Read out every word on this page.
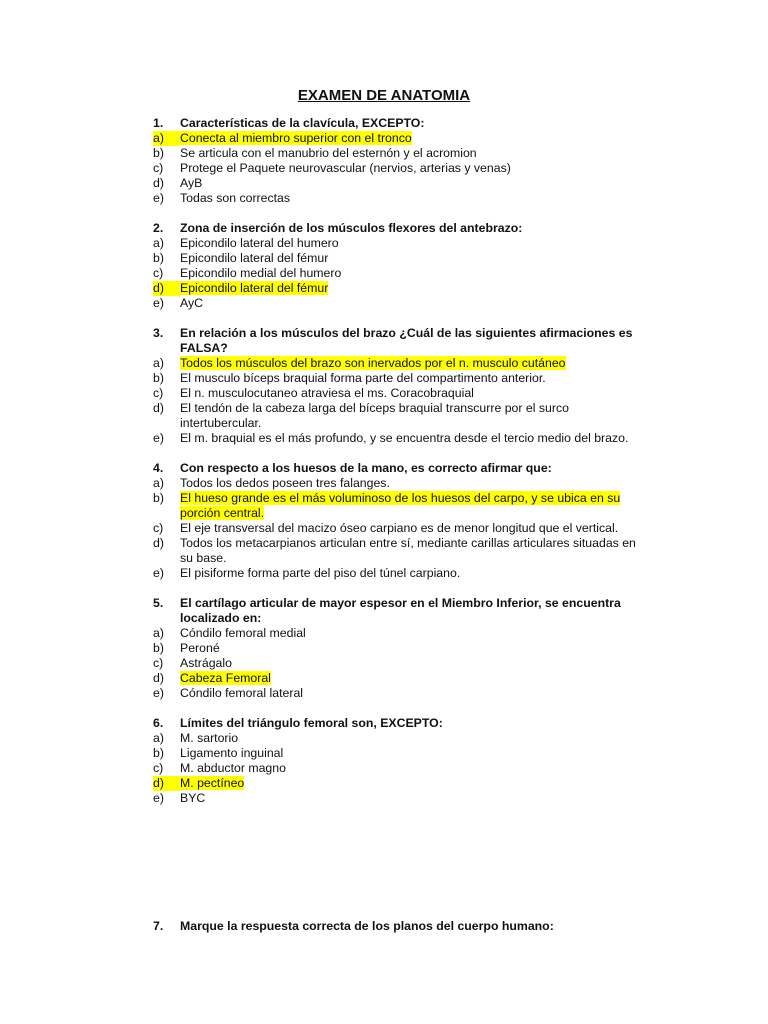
EXAMEN DE ANATOMIA
1.	Características de la clavícula, EXCEPTO:
a)	Conecta al miembro superior con el tronco
b)	Se articula con el manubrio del esternón y el acromion
c)	Protege el Paquete neurovascular (nervios, arterias y venas)
d)	AyB
e)	Todas son correctas
2.	Zona de inserción de los músculos flexores del antebrazo:
a)	Epicondilo lateral del humero
b)	Epicondilo lateral del fémur
c)	Epicondilo medial del humero
d)	Epicondilo lateral del fémur
e)	AyC
3.	En relación a los músculos del brazo ¿Cuál de las siguientes afirmaciones es FALSA?
a)	Todos los músculos del brazo son inervados por el n. musculo cutáneo
b)	El musculo bíceps braquial forma parte del compartimento anterior.
c)	El n. musculocutaneo atraviesa el ms. Coracobraquial
d)	El tendón de la cabeza larga del bíceps braquial transcurre por el surco intertubercular.
e)	El m. braquial es el más profundo, y se encuentra desde el tercio medio del brazo.
4.	Con respecto a los huesos de la mano, es correcto afirmar que:
a)	Todos los dedos poseen tres falanges.
b)	El hueso grande es el más voluminoso de los huesos del carpo, y se ubica en su porción central.
c)	El eje transversal del macizo óseo carpiano es de menor longitud que el vertical.
d)	Todos los metacarpianos articulan entre sí, mediante carillas articulares situadas en su base.
e)	El pisiforme forma parte del piso del túnel carpiano.
5.	El cartílago articular de mayor espesor en el Miembro Inferior, se encuentra localizado en:
a)	Cóndilo femoral medial
b)	Peroné
c)	Astrágalo
d)	Cabeza Femoral
e)	Cóndilo femoral lateral
6.	Límites del triángulo femoral son, EXCEPTO:
a)	M. sartorio
b)	Ligamento inguinal
c)	M. abductor magno
d)	M. pectíneo
e)	BYC
7.	Marque la respuesta correcta de los planos del cuerpo humano:
